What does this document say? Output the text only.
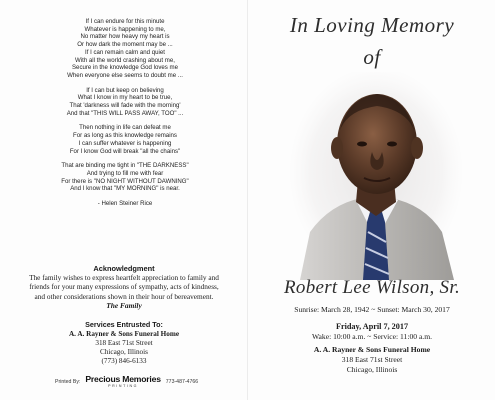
If I can endure for this minute
Whatever is happening to me,
No matter how heavy my heart is
Or how dark the moment may be ...
If I can remain calm and quiet
With all the world crashing about me,
Secure in the knowledge God loves me
When everyone else seems to doubt me ...
If I can but keep on believing
What I know in my heart to be true,
That 'darkness will fade with the morning'
And that "THIS WILL PASS AWAY, TOO" ...
Then nothing in life can defeat me
For as long as this knowledge remains
I can suffer whatever is happening
For I know God will break "all the chains"
That are binding me tight in "THE DARKNESS"
And trying to fill me with fear
For there is "NO NIGHT WITHOUT DAWNING"
And I know that "MY MORNING" is near.
- Helen Steiner Rice
Acknowledgment
The family wishes to express heartfelt appreciation to family and
friends for your many expressions of sympathy, acts of kindness,
and other considerations shown in their hour of bereavement.
The Family
Services Entrusted To:
A. A. Rayner & Sons Funeral Home
318 East 71st Street
Chicago, Illinois
(773) 846-6133
Printed By: Precious Memories
PRINTING
773-487-4766
In Loving Memory
of
Robert Lee Wilson, Sr.
Sunrise: March 28, 1942 ~ Sunset: March 30, 2017
Friday, April 7, 2017
Wake: 10:00 a.m. ~ Service: 11:00 a.m.
A. A. Rayner & Sons Funeral Home
318 East 71st Street
Chicago, Illinois
